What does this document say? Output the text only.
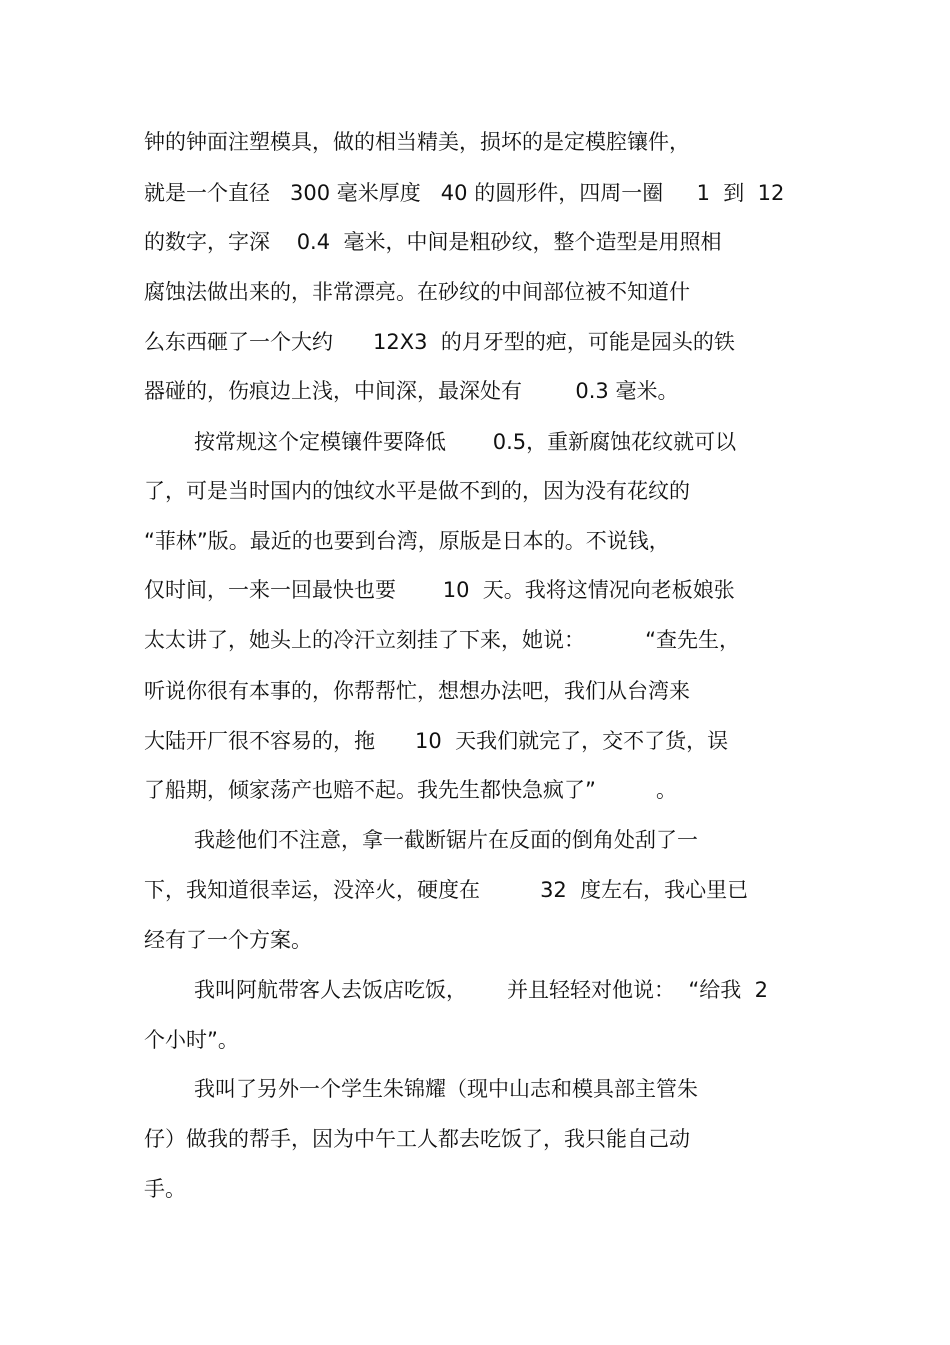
钟的钟面注塑模具，做的相当精美，损坏的是定模腔镶件，
就是一个直径   300 毫米厚度   40 的圆形件，四周一圈     1  到  12
的数字，字深    0.4  毫米，中间是粗砂纹，整个造型是用照相
腐蚀法做出来的，非常漂亮。在砂纹的中间部位被不知道什
么东西砸了一个大约      12X3  的月牙型的疤，可能是园头的铁
器碰的，伤痕边上浅，中间深，最深处有        0.3 毫米。
按常规这个定模镶件要降低       0.5，重新腐蚀花纹就可以
了，可是当时国内的蚀纹水平是做不到的，因为没有花纹的
“菲林”版。最近的也要到台湾，原版是日本的。不说钱，
仅时间，一来一回最快也要       10  天。我将这情况向老板娘张
太太讲了，她头上的冷汗立刻挂了下来，她说：         “查先生，
听说你很有本事的，你帮帮忙，想想办法吧，我们从台湾来
大陆开厂很不容易的，拖      10  天我们就完了，交不了货，误
了船期，倾家荡产也赔不起。我先生都快急疯了”         。
我趁他们不注意，拿一截断锯片在反面的倒角处刮了一
下，我知道很幸运，没淬火，硬度在         32  度左右，我心里已
经有了一个方案。
我叫阿航带客人去饭店吃饭，      并且轻轻对他说：  “给我  2
个小时”。
我叫了另外一个学生朱锦耀（现中山志和模具部主管朱
仔）做我的帮手，因为中午工人都去吃饭了，我只能自己动
手。
